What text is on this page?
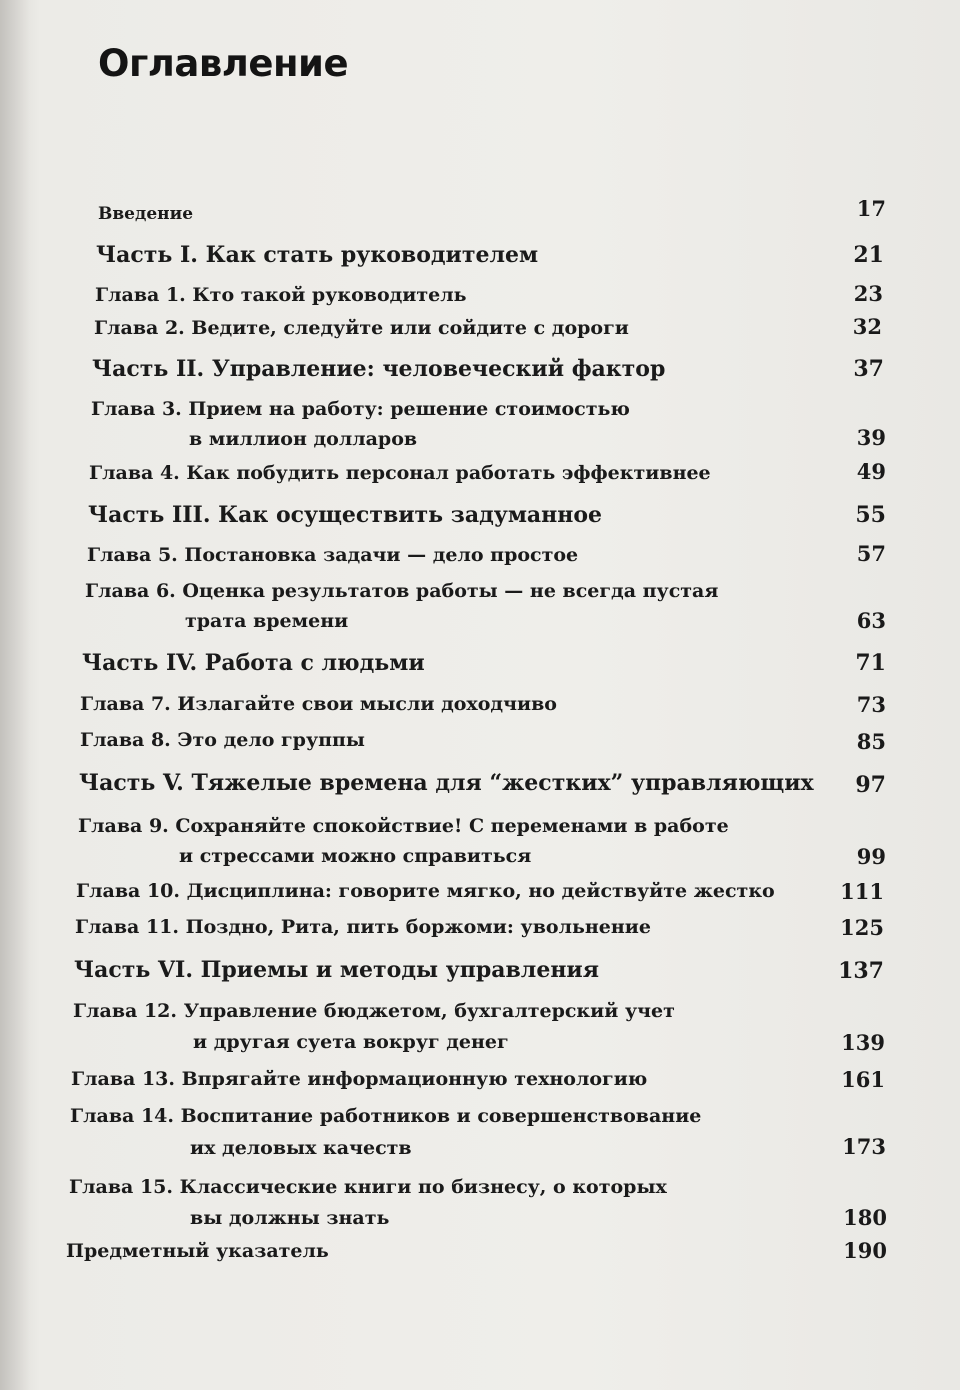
Оглавление
Введение	17
Часть I. Как стать руководителем	21
Глава 1. Кто такой руководитель	23
Глава 2. Ведите, следуйте или сойдите с дороги	32
Часть II. Управление: человеческий фактор	37
Глава 3. Прием на работу: решение стоимостью
в миллион долларов	39
Глава 4. Как побудить персонал работать эффективнее	49
Часть III. Как осуществить задуманное	55
Глава 5. Постановка задачи — дело простое	57
Глава 6. Оценка результатов работы — не всегда пустая
трата времени	63
Часть IV. Работа с людьми	71
Глава 7. Излагайте свои мысли доходчиво	73
Глава 8. Это дело группы	85
Часть V. Тяжелые времена для “жестких” управляющих	97
Глава 9. Сохраняйте спокойствие! С переменами в работе
и стрессами можно справиться	99
Глава 10. Дисциплина: говорите мягко, но действуйте жестко	111
Глава 11. Поздно, Рита, пить боржоми: увольнение	125
Часть VI. Приемы и методы управления	137
Глава 12. Управление бюджетом, бухгалтерский учет
и другая суета вокруг денег	139
Глава 13. Впрягайте информационную технологию	161
Глава 14. Воспитание работников и совершенствование
их деловых качеств	173
Глава 15. Классические книги по бизнесу, о которых
вы должны знать	180
Предметный указатель	190
